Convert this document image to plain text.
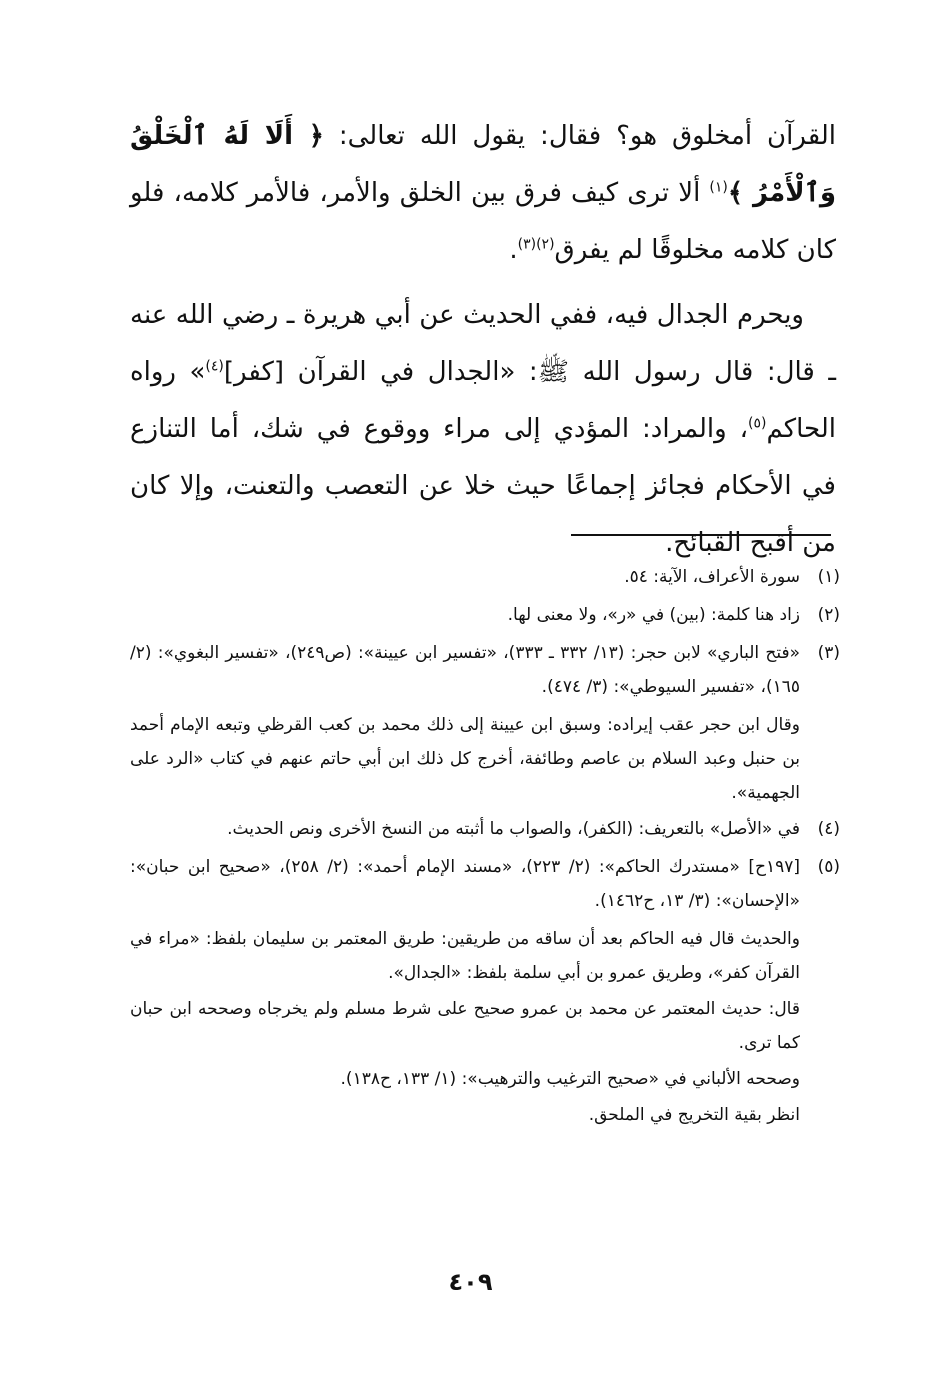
القرآن أمخلوق هو؟ فقال: يقول الله تعالى: ﴿ أَلَا لَهُ ٱلْخَلْقُ وَٱلْأَمْرُ ﴾$^{(١)}$ ألا ترى كيف فرق بين الخلق والأمر، فالأمر كلامه، فلو كان كلامه مخلوقًا لم يفرق$^{(٢)(٣)}$.

ويحرم الجدال فيه، ففي الحديث عن أبي هريرة ـ رضي الله عنه ـ قال: قال رسول الله ﷺ: «الجدال في القرآن [كفر]$^{(٤)}$» رواه الحاكم$^{(٥)}$، والمراد: المؤدي إلى مراء ووقوع في شك، أما التنازع في الأحكام فجائز إجماعًا حيث خلا عن التعصب والتعنت، وإلا كان من أقبح القبائح.

(١)

سورة الأعراف، الآية: ٥٤.

(٢)

زاد هنا كلمة: (بين) في «ر»، ولا معنى لها.

(٣)

«فتح الباري» لابن حجر: (١٣/ ٣٣٢ ـ ٣٣٣)، «تفسير ابن عيينة»: (ص٢٤٩)، «تفسير البغوي»: (٢/ ١٦٥)، «تفسير السيوطي»: (٣/ ٤٧٤).

وقال ابن حجر عقب إيراده: وسبق ابن عيينة إلى ذلك محمد بن كعب القرظي وتبعه الإمام أحمد بن حنبل وعبد السلام بن عاصم وطائفة، أخرج كل ذلك ابن أبي حاتم عنهم في كتاب «الرد على الجهمية».

(٤)

في «الأصل» بالتعريف: (الكفر)، والصواب ما أثبته من النسخ الأخرى ونص الحديث.

(٥)

[١٩٧ح] «مستدرك الحاكم»: (٢/ ٢٢٣)، «مسند الإمام أحمد»: (٢/ ٢٥٨)، «صحيح ابن حبان»: «الإحسان»: (٣/ ١٣، ح١٤٦٢).

والحديث قال فيه الحاكم بعد أن ساقه من طريقين: طريق المعتمر بن سليمان بلفظ: «مراء في القرآن كفر»، وطريق عمرو بن أبي سلمة بلفظ: «الجدال».

قال: حديث المعتمر عن محمد بن عمرو صحيح على شرط مسلم ولم يخرجاه وصححه ابن حبان كما ترى.

وصححه الألباني في «صحيح الترغيب والترهيب»: (١/ ١٣٣، ح١٣٨).

انظر بقية التخريج في الملحق.

٤٠٩
